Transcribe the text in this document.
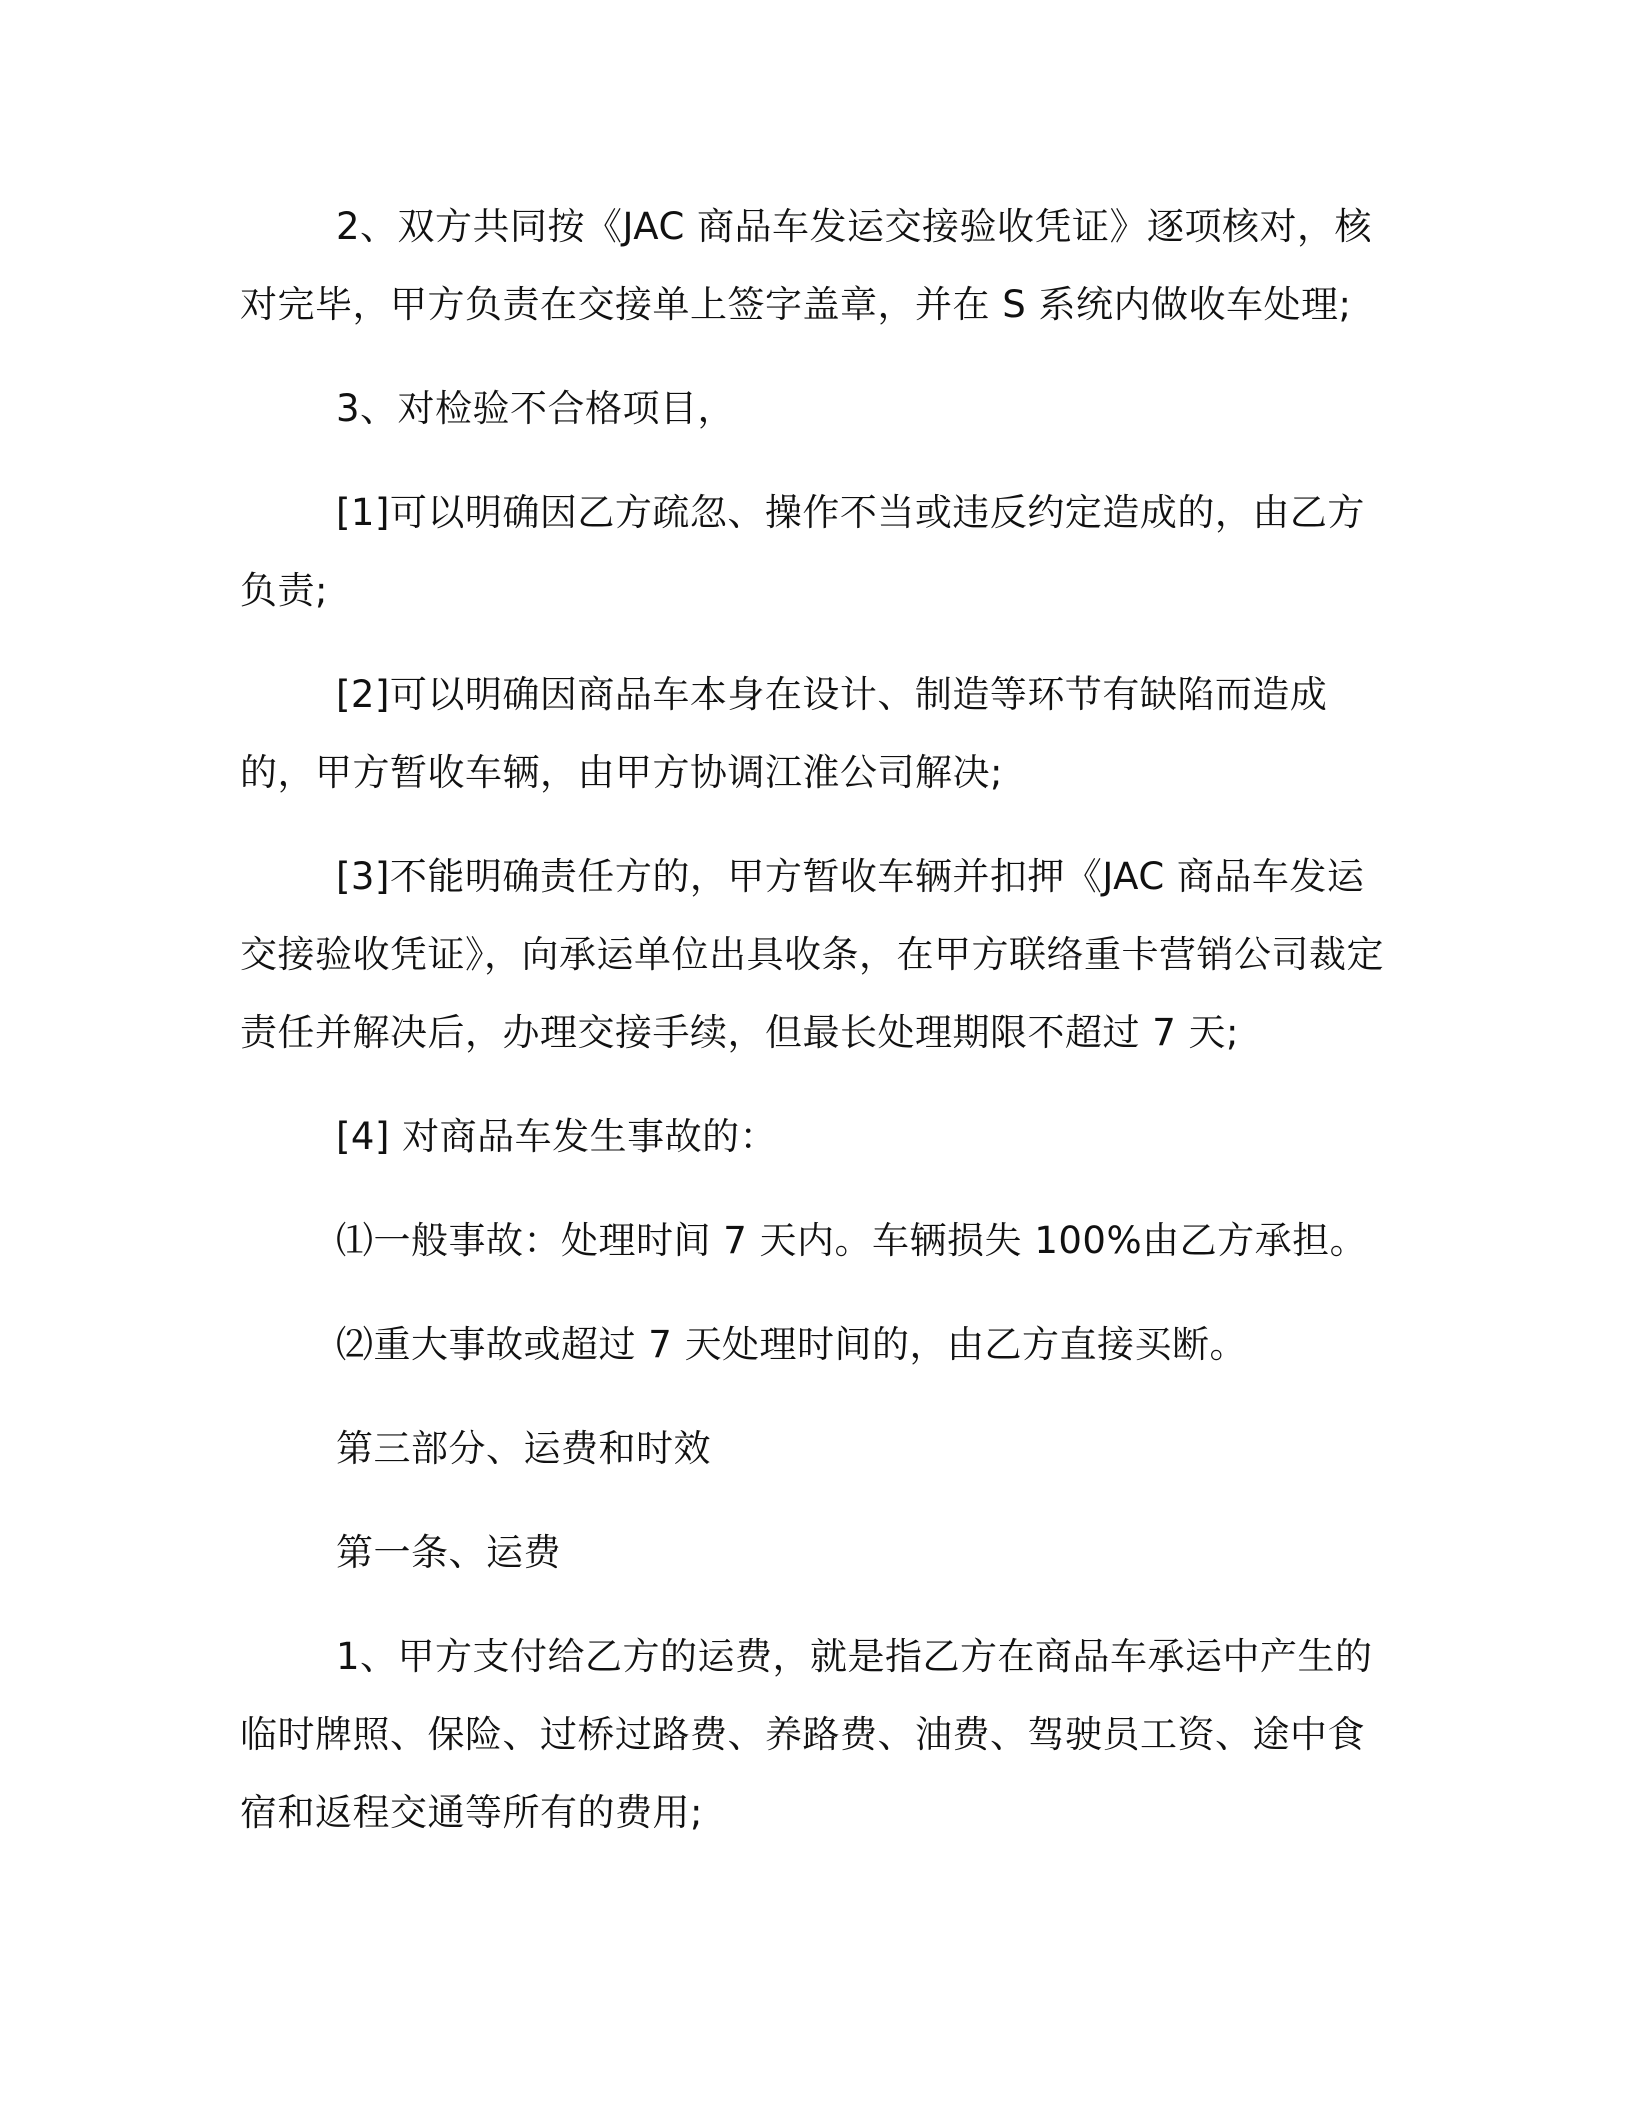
2、双方共同按《JAC 商品车发运交接验收凭证》逐项核对，核对完毕，甲方负责在交接单上签字盖章，并在 S 系统内做收车处理;

3、对检验不合格项目，

[1]可以明确因乙方疏忽、操作不当或违反约定造成的，由乙方负责;

[2]可以明确因商品车本身在设计、制造等环节有缺陷而造成的，甲方暂收车辆，由甲方协调江淮公司解决;

[3]不能明确责任方的，甲方暂收车辆并扣押《JAC 商品车发运交接验收凭证》，向承运单位出具收条，在甲方联络重卡营销公司裁定责任并解决后，办理交接手续，但最长处理期限不超过 7 天;

[4] 对商品车发生事故的：

⑴一般事故：处理时间 7 天内。车辆损失 100%由乙方承担。

⑵重大事故或超过 7 天处理时间的，由乙方直接买断。

第三部分、运费和时效

第一条、运费

1、甲方支付给乙方的运费，就是指乙方在商品车承运中产生的临时牌照、保险、过桥过路费、养路费、油费、驾驶员工资、途中食宿和返程交通等所有的费用;
